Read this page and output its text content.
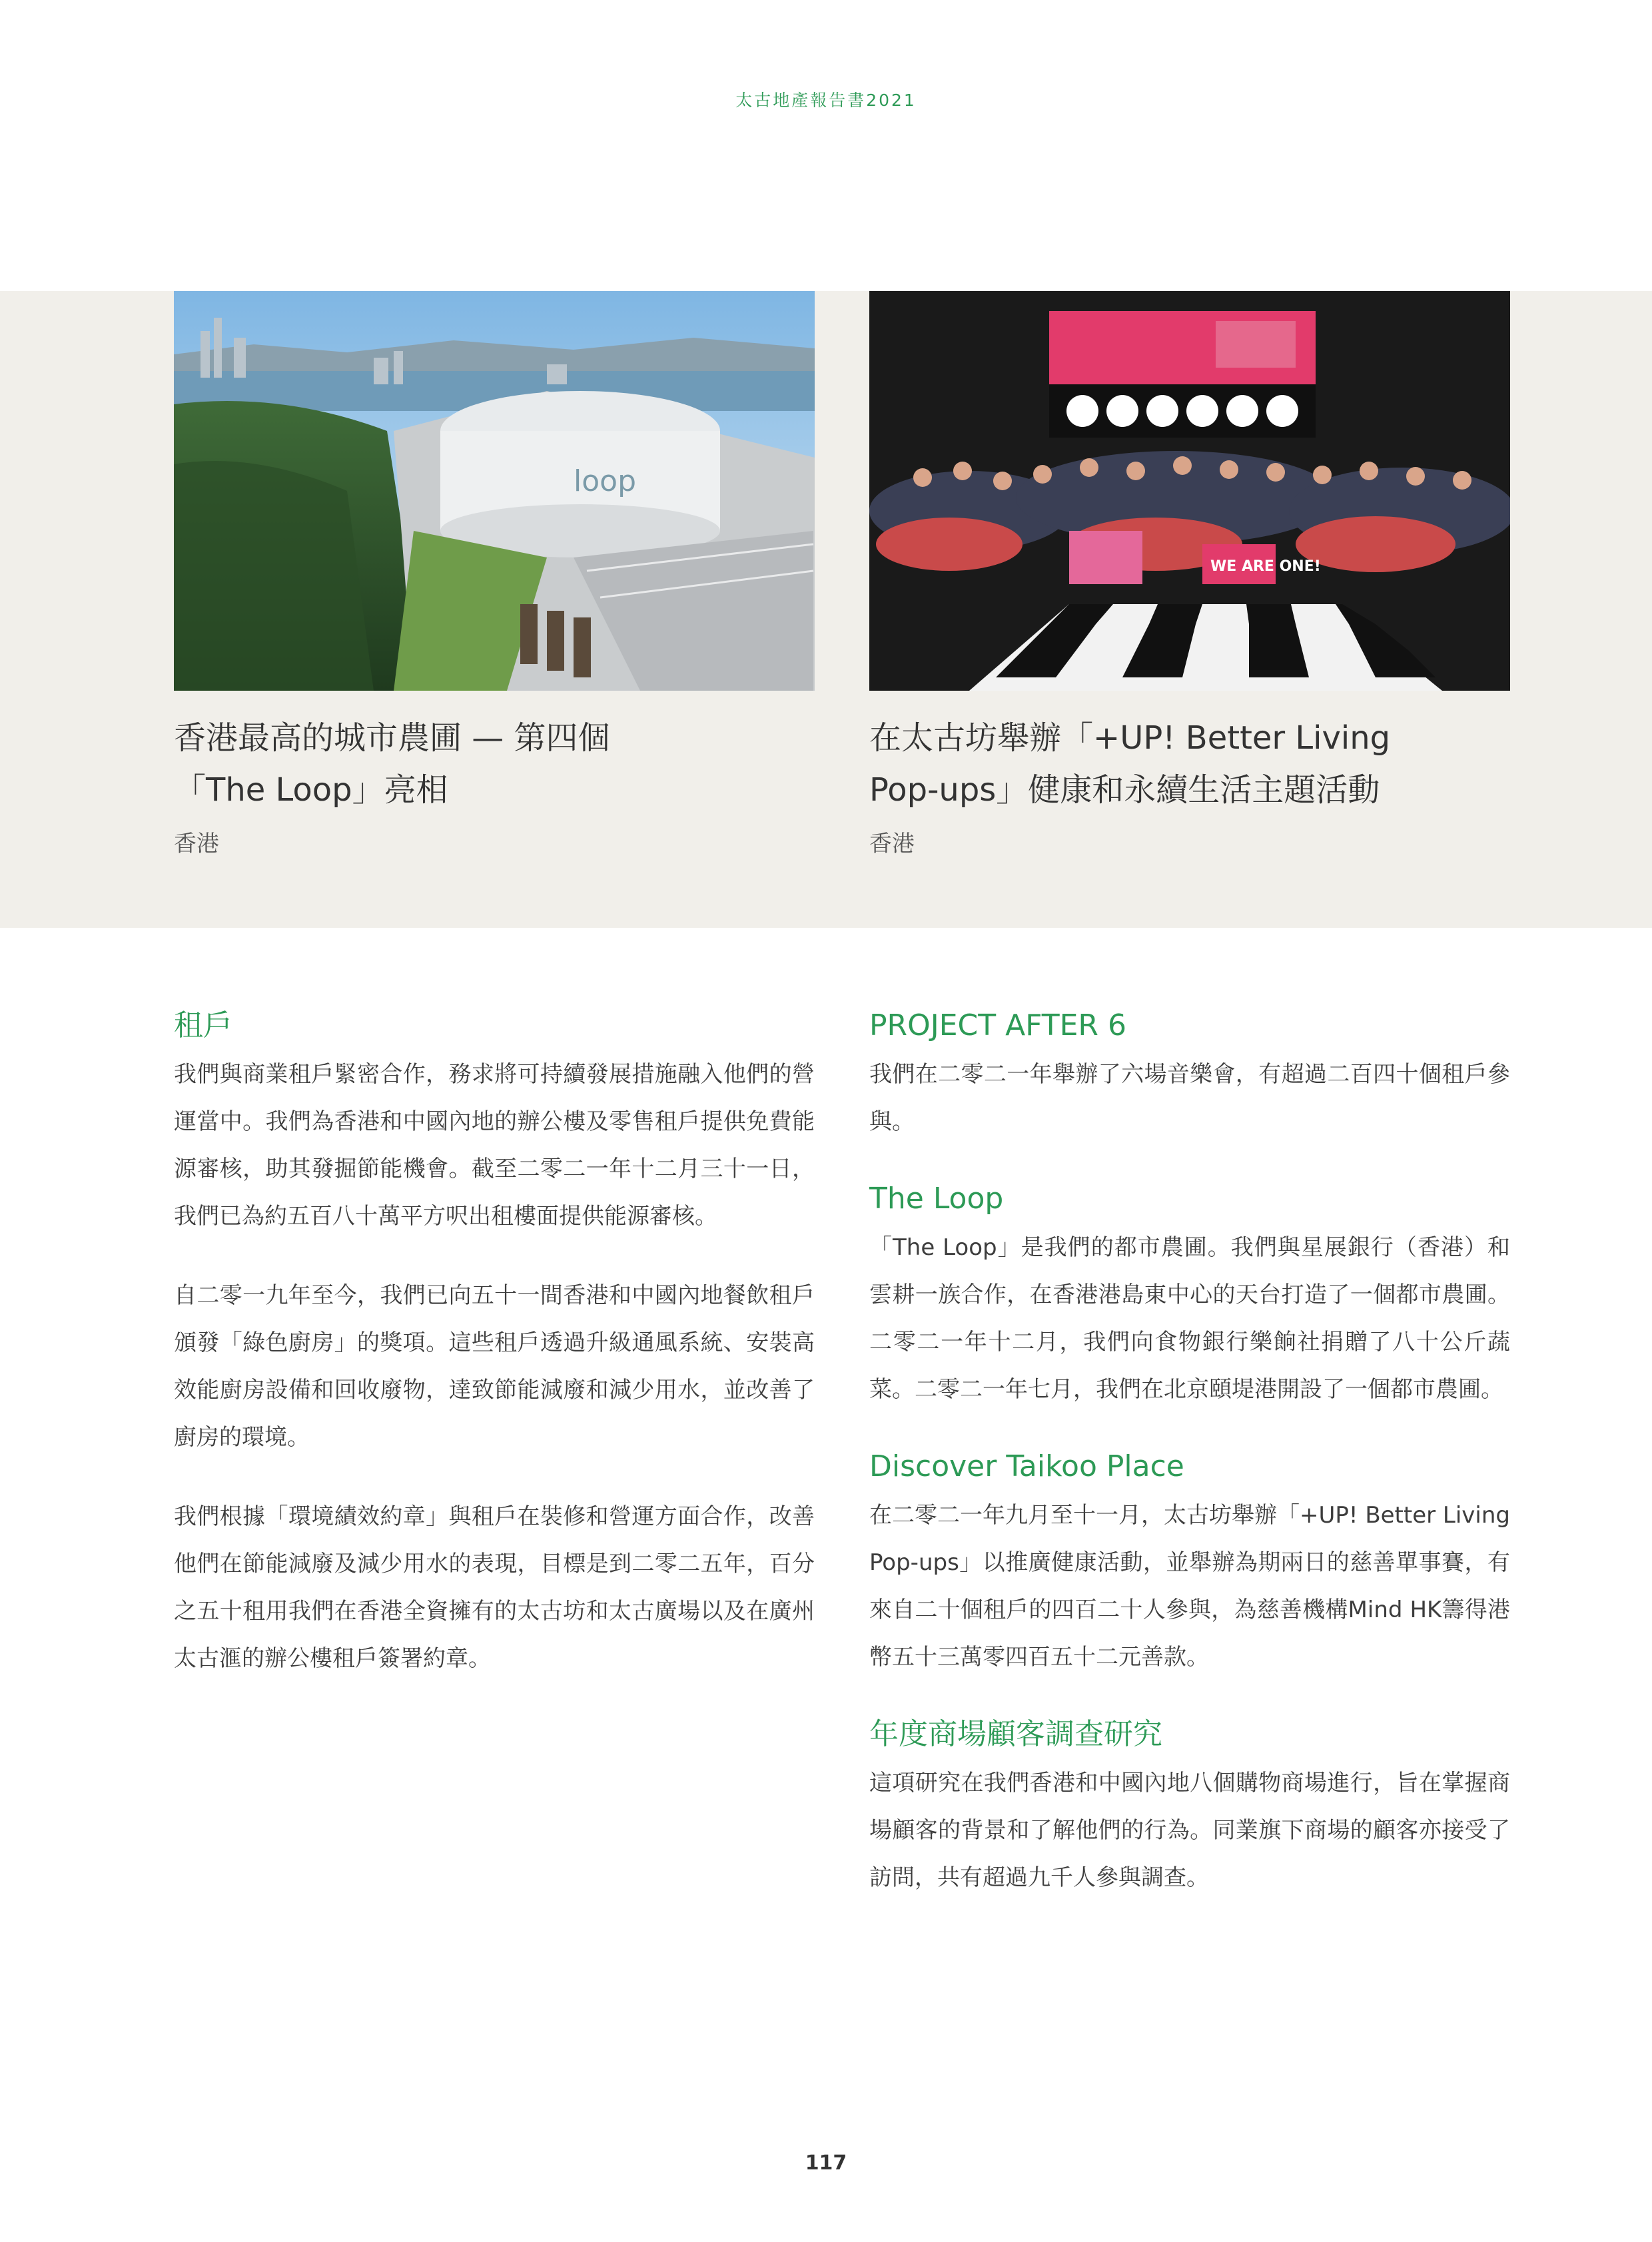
太古地產報告書2021
loop
香港最高的城市農圃 — 第四個
「The Loop」亮相
香港
WE ARE ONE!
在太古坊舉辦「+UP! Better Living
Pop-ups」健康和永續生活主題活動
香港
租戶

我們與商業租戶緊密合作，務求將可持續發展措施融入他們的營運當中。我們為香港和中國內地的辦公樓及零售租戶提供免費能源審核，助其發掘節能機會。截至二零二一年十二月三十一日，我們已為約五百八十萬平方呎出租樓面提供能源審核。

自二零一九年至今，我們已向五十一間香港和中國內地餐飲租戶頒發「綠色廚房」的獎項。這些租戶透過升級通風系統、安裝高效能廚房設備和回收廢物，達致節能減廢和減少用水，並改善了廚房的環境。

我們根據「環境績效約章」與租戶在裝修和營運方面合作，改善他們在節能減廢及減少用水的表現，目標是到二零二五年，百分之五十租用我們在香港全資擁有的太古坊和太古廣場以及在廣州太古滙的辦公樓租戶簽署約章。

PROJECT AFTER 6

我們在二零二一年舉辦了六場音樂會，有超過二百四十個租戶參與。

The Loop

「The Loop」是我們的都市農圃。我們與星展銀行（香港）和雲耕一族合作，在香港港島東中心的天台打造了一個都市農圃。二零二一年十二月，我們向食物銀行樂餉社捐贈了八十公斤蔬菜。二零二一年七月，我們在北京頤堤港開設了一個都市農圃。

Discover Taikoo Place

在二零二一年九月至十一月，太古坊舉辦「+UP! Better Living Pop-ups」以推廣健康活動，並舉辦為期兩日的慈善單事賽，有來自二十個租戶的四百二十人參與，為慈善機構Mind HK籌得港幣五十三萬零四百五十二元善款。

年度商場顧客調查研究

這項研究在我們香港和中國內地八個購物商場進行，旨在掌握商場顧客的背景和了解他們的行為。同業旗下商場的顧客亦接受了訪問，共有超過九千人參與調查。

117
